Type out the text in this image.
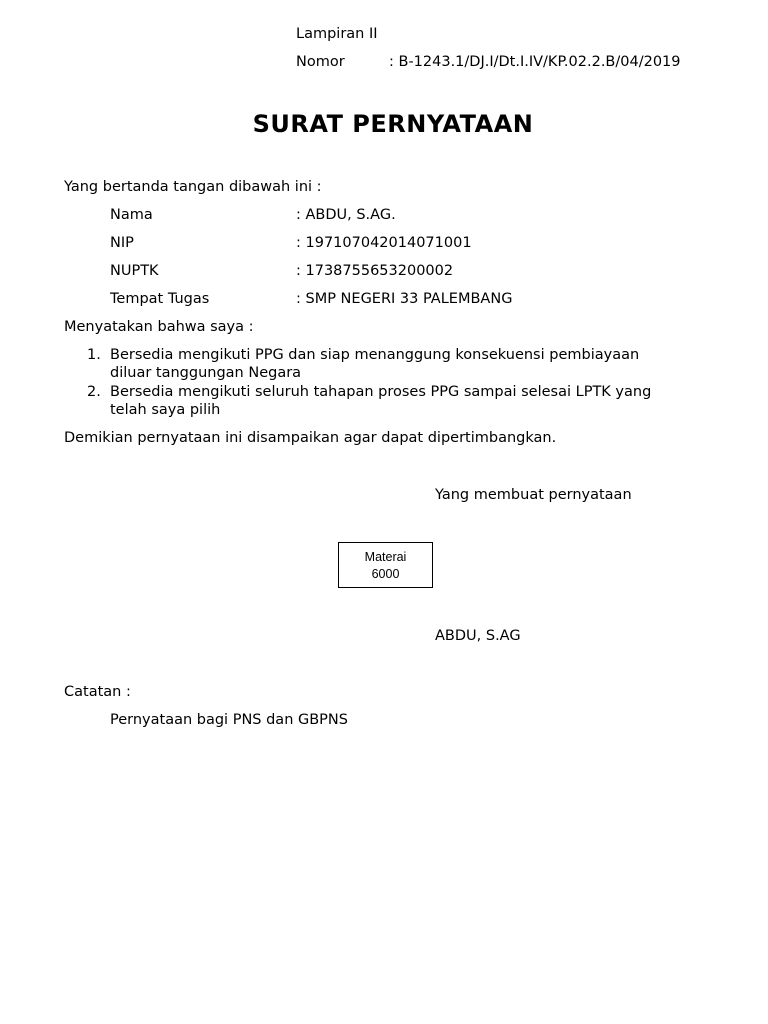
Lampiran II
Nomor	: B-1243.1/DJ.I/Dt.I.IV/KP.02.2.B/04/2019
SURAT PERNYATAAN
Yang bertanda tangan dibawah ini :
Nama	: ABDU, S.AG.
NIP	: 197107042014071001
NUPTK	: 1738755653200002
Tempat Tugas	: SMP NEGERI 33 PALEMBANG
Menyatakan bahwa saya :
1. Bersedia mengikuti PPG dan siap menanggung konsekuensi pembiayaan
diluar tanggungan Negara
2. Bersedia mengikuti seluruh tahapan proses PPG sampai selesai LPTK yang
telah saya pilih
Demikian pernyataan ini disampaikan agar dapat dipertimbangkan.
Yang membuat pernyataan
Materai
6000
ABDU, S.AG
Catatan :
Pernyataan bagi PNS dan GBPNS
